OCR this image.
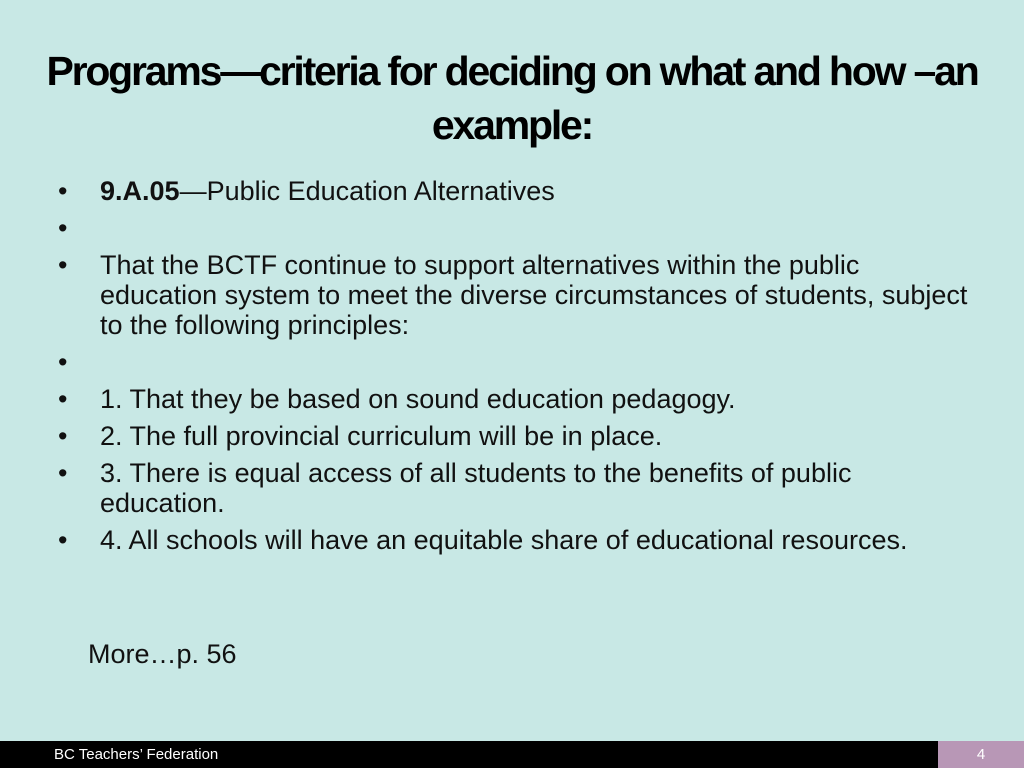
Programs—criteria for deciding on what and how –an example:
• 9.A.05—Public Education Alternatives
•
• That the BCTF continue to support alternatives within the public education system to meet the diverse circumstances of students, subject to the following principles:
•
• 1. That they be based on sound education pedagogy.
• 2. The full provincial curriculum will be in place.
• 3. There is equal access of all students to the benefits of public education.
• 4. All schools will have an equitable share of educational resources.
More…p. 56
BC Teachers’ Federation	4
